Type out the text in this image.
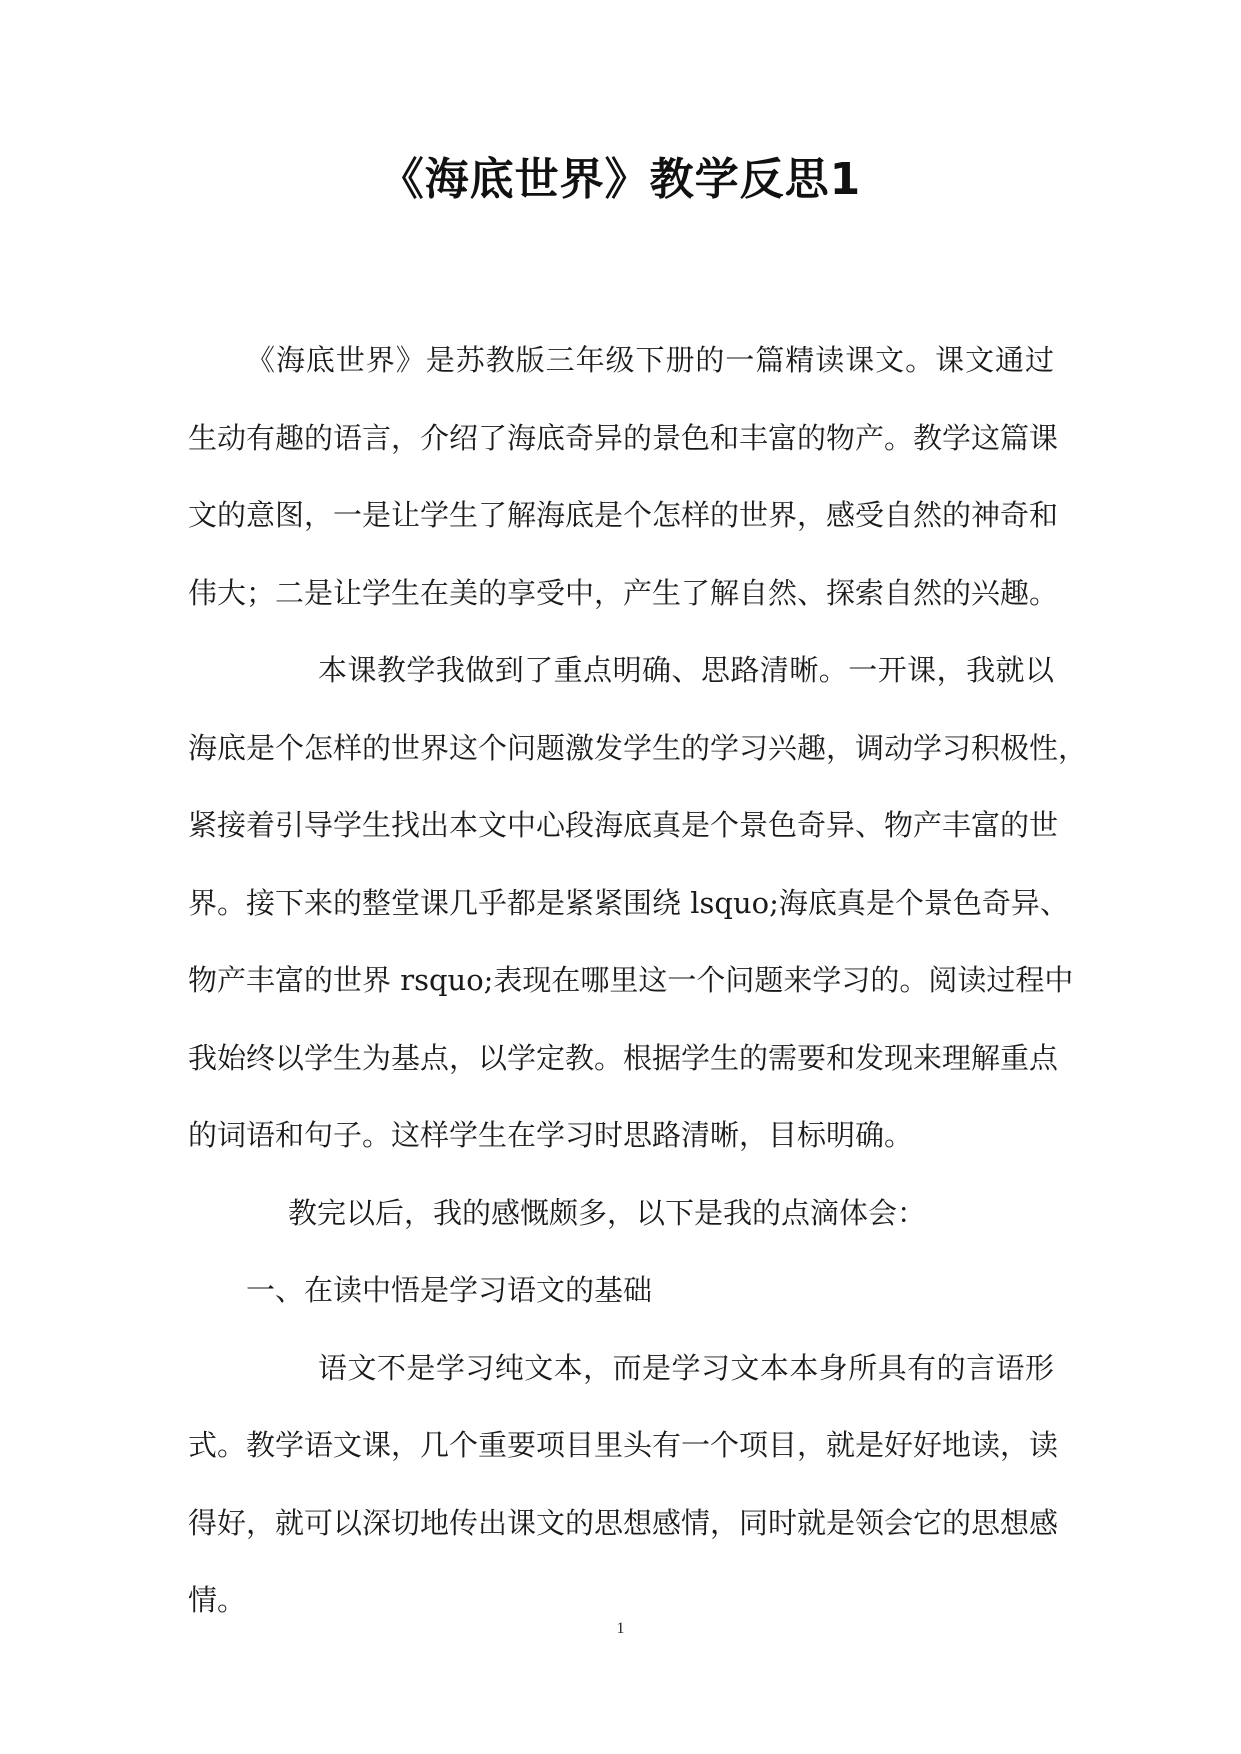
《海底世界》教学反思1
《海底世界》是苏教版三年级下册的一篇精读课文。课文通过
生动有趣的语言，介绍了海底奇异的景色和丰富的物产。教学这篇课
文的意图，一是让学生了解海底是个怎样的世界，感受自然的神奇和
伟大；二是让学生在美的享受中，产生了解自然、探索自然的兴趣。
本课教学我做到了重点明确、思路清晰。一开课，我就以
海底是个怎样的世界这个问题激发学生的学习兴趣，调动学习积极性，
紧接着引导学生找出本文中心段海底真是个景色奇异、物产丰富的世
界。接下来的整堂课几乎都是紧紧围绕 lsquo;海底真是个景色奇异、
物产丰富的世界 rsquo;表现在哪里这一个问题来学习的。阅读过程中
我始终以学生为基点，以学定教。根据学生的需要和发现来理解重点
的词语和句子。这样学生在学习时思路清晰，目标明确。
教完以后，我的感慨颇多，以下是我的点滴体会：
一、在读中悟是学习语文的基础
语文不是学习纯文本，而是学习文本本身所具有的言语形
式。教学语文课，几个重要项目里头有一个项目，就是好好地读，读
得好，就可以深切地传出课文的思想感情，同时就是领会它的思想感
情。
1
